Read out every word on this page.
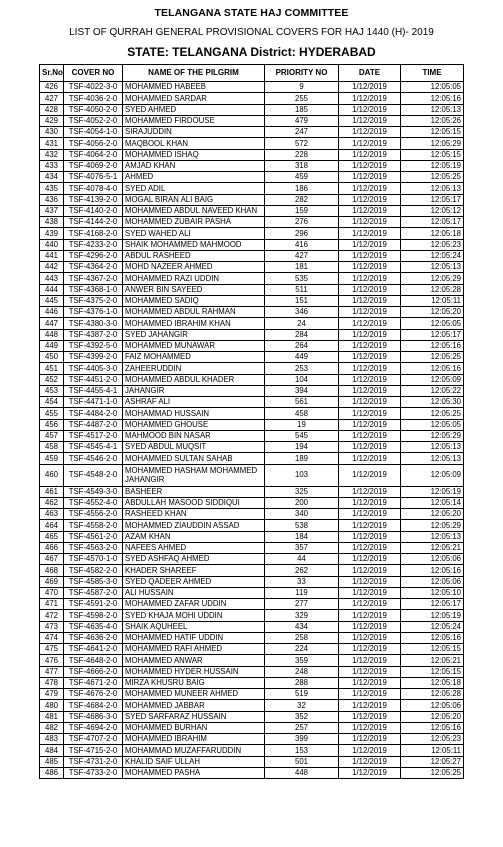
TELANGANA STATE HAJ COMMITTEE
LIST OF QURRAH GENERAL PROVISIONAL COVERS FOR HAJ 1440 (H)- 2019
STATE: TELANGANA District: HYDERABAD
Sr.No	COVER NO	NAME OF THE PILGRIM	PRIORITY NO	DATE	TIME
426	TSF-4022-3-0	MOHAMMED HABEEB	9	1/12/2019	12:05:05
427	TSF-4036-2-0	MOHAMMED SARDAR	255	1/12/2019	12:05:16
428	TSF-4050-2-0	SYED AHMED	185	1/12/2019	12:05:13
429	TSF-4052-2-0	MOHAMMED FIRDOUSE	479	1/12/2019	12:05:26
430	TSF-4054-1-0	SIRAJUDDIN	247	1/12/2019	12:05:15
431	TSF-4056-2-0	MAQBOOL KHAN	572	1/12/2019	12:05:29
432	TSF-4064-2-0	MOHAMMED ISHAQ	228	1/12/2019	12:05:15
433	TSF-4069-2-0	AMJAD KHAN	318	1/12/2019	12:05:19
434	TSF-4076-5-1	AHMED	459	1/12/2019	12:05:25
435	TSF-4078-4-0	SYED ADIL	186	1/12/2019	12:05:13
436	TSF-4139-2-0	MOGAL BIRAN ALI BAIG	282	1/12/2019	12:05:17
437	TSF-4140-2-0	MOHAMMED ABDUL NAVEED KHAN	159	1/12/2019	12:05:12
438	TSF-4144-2-0	MOHAMMED ZUBAIR PASHA	276	1/12/2019	12:05:17
439	TSF-4168-2-0	SYED WAHED ALI	296	1/12/2019	12:05:18
440	TSF-4233-2-0	SHAIK MOHAMMED MAHMOOD	416	1/12/2019	12:05:23
441	TSF-4296-2-0	ABDUL RASHEED	427	1/12/2019	12:05:24
442	TSF-4364-2-0	MOHD NAZEER AHMED	181	1/12/2019	12:05:13
443	TSF-4367-2-0	MOHAMMED RAZI UDDIN	535	1/12/2019	12:05:29
444	TSF-4368-1-0	ANWER BIN SAYEED	511	1/12/2019	12:05:28
445	TSF-4375-2-0	MOHAMMED SADIQ	151	1/12/2019	12:05:11
446	TSF-4376-1-0	MOHAMMED ABDUL RAHMAN	346	1/12/2019	12:05:20
447	TSF-4380-3-0	MOHAMMED IBRAHIM KHAN	24	1/12/2019	12:05:05
448	TSF-4387-2-0	SYED JAHANGIR	284	1/12/2019	12:05:17
449	TSF-4392-5-0	MOHAMMED MUNAWAR	264	1/12/2019	12:05:16
450	TSF-4399-2-0	FAIZ MOHAMMED	449	1/12/2019	12:05:25
451	TSF-4405-3-0	ZAHEERUDDIN	253	1/12/2019	12:05:16
452	TSF-4451-2-0	MOHAMMED ABDUL KHADER	104	1/12/2019	12:05:09
453	TSF-4455-4-1	JAHANGIR	394	1/12/2019	12:05:22
454	TSF-4471-1-0	ASHRAF ALI	561	1/12/2019	12:05:30
455	TSF-4484-2-0	MOHAMMAD HUSSAIN	458	1/12/2019	12:05:25
456	TSF-4487-2-0	MOHAMMED GHOUSE	19	1/12/2019	12:05:05
457	TSF-4517-2-0	MAHMOOD BIN NASAR	545	1/12/2019	12:05:29
458	TSF-4545-4-1	SYED ABDUL MUQSIT	194	1/12/2019	12:05:13
459	TSF-4546-2-0	MOHAMMED SULTAN SAHAB	189	1/12/2019	12:05:13
460	TSF-4548-2-0	MOHAMMED HASHAM MOHAMMED JAHANGIR	103	1/12/2019	12:05:09
461	TSF-4549-3-0	BASHEER	325	1/12/2019	12:05:19
462	TSF-4552-4-0	ABDULLAH MASOOD SIDDIQUI	200	1/12/2019	12:05:14
463	TSF-4556-2-0	RASHEED KHAN	340	1/12/2019	12:05:20
464	TSF-4558-2-0	MOHAMMED ZIAUDDIN ASSAD	538	1/12/2019	12:05:29
465	TSF-4561-2-0	AZAM KHAN	184	1/12/2019	12:05:13
466	TSF-4563-2-0	NAFEES AHMED	357	1/12/2019	12:05:21
467	TSF-4570-1-0	SYED ASHFAQ AHMED	44	1/12/2019	12:05:06
468	TSF-4582-2-0	KHADER SHAREEF	262	1/12/2019	12:05:16
469	TSF-4585-3-0	SYED QADEER AHMED	33	1/12/2019	12:05:06
470	TSF-4587-2-0	ALI HUSSAIN	119	1/12/2019	12:05:10
471	TSF-4591-2-0	MOHAMMED ZAFAR UDDIN	277	1/12/2019	12:05:17
472	TSF-4598-2-0	SYED KHAJA MOHI UDDIN	329	1/12/2019	12:05:19
473	TSF-4635-4-0	SHAIK AQUHEEL	434	1/12/2019	12:05:24
474	TSF-4636-2-0	MOHAMMED HATIF UDDIN	258	1/12/2019	12:05:16
475	TSF-4641-2-0	MOHAMMED RAFI AHMED	224	1/12/2019	12:05:15
476	TSF-4648-2-0	MOHAMMED ANWAR	359	1/12/2019	12:05:21
477	TSF-4666-2-0	MOHAMMED HYDER HUSSAIN	248	1/12/2019	12:05:15
478	TSF-4671-2-0	MIRZA KHUSRU BAIG	288	1/12/2019	12:05:18
479	TSF-4676-2-0	MOHAMMED MUNEER AHMED	519	1/12/2019	12:05:28
480	TSF-4684-2-0	MOHAMMED JABBAR	32	1/12/2019	12:05:06
481	TSF-4686-3-0	SYED SARFARAZ HUSSAIN	352	1/12/2019	12:05:20
482	TSF-4694-2-0	MOHAMMED BURHAN	257	1/12/2019	12:05:16
483	TSF-4707-2-0	MOHAMMED IBRAHIM	399	1/12/2019	12:05:23
484	TSF-4715-2-0	MOHAMMAD MUZAFFARUDDIN	153	1/12/2019	12:05:11
485	TSF-4731-2-0	KHALID SAIF ULLAH	501	1/12/2019	12:05:27
486	TSF-4733-2-0	MOHAMMED PASHA	448	1/12/2019	12:05:25
